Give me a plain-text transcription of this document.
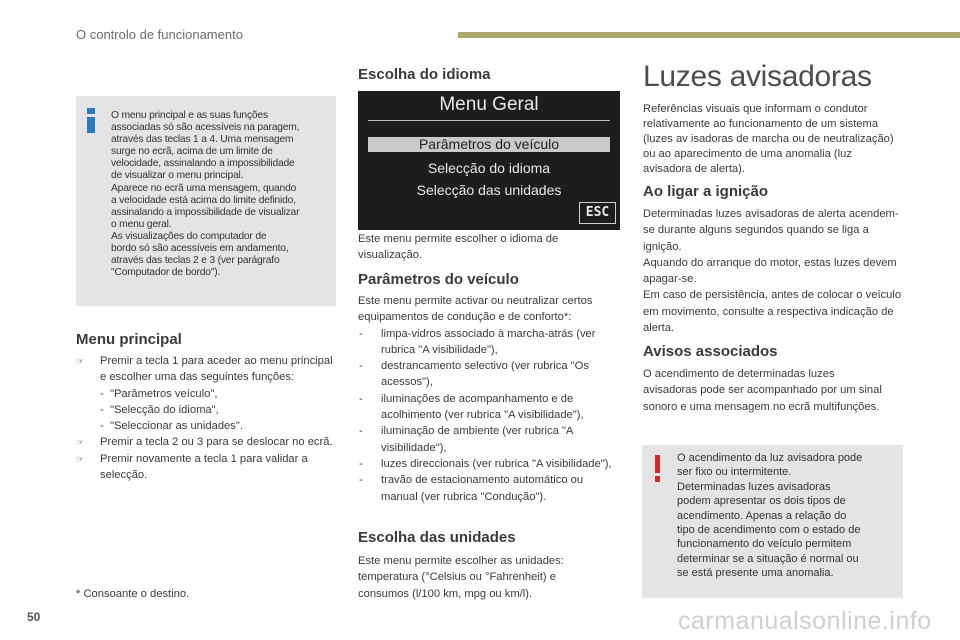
O controlo de funcionamento

O menu principal e as suas funções
associadas só são acessíveis na paragem,
através das teclas 1 a 4. Uma mensagem
surge no ecrã, acima de um limite de
velocidade, assinalando a impossibilidade
de visualizar o menu principal.
Aparece no ecrã uma mensagem, quando
a velocidade está acima do limite definido,
assinalando a impossibilidade de visualizar
o menu geral.
As visualizações do computador de
bordo só são acessíveis em andamento,
através das teclas 2 e 3 (ver parágrafo
"Computador de bordo").

Menu principal
☞ Premir a tecla 1 para aceder ao menu principal e escolher uma das seguintes funções:
- "Parâmetros veículo",
- "Selecção do idioma",
- "Seleccionar as unidades".
☞ Premir a tecla 2 ou 3 para se deslocar no ecrã.
☞ Premir novamente a tecla 1 para validar a selecção.
* Consoante o destino.
50
Escolha do idioma
Menu Geral
Parâmetros do veículo
Selecção do idioma
Selecção das unidades
ESC
Este menu permite escolher o idioma de visualização.
Parâmetros do veículo

Este menu permite activar ou neutralizar certos equipamentos de condução e de conforto*:

- limpa-vidros associado à marcha-atrás (ver rubrica "A visibilidade"),
- destrancamento selectivo (ver rubrica "Os acessos"),
- iluminações de acompanhamento e de acolhimento (ver rubrica "A visibilidade"),
- iluminação de ambiente (ver rubrica "A visibilidade"),
- luzes direccionais (ver rubrica "A visibilidade"),
- travão de estacionamento automático ou manual (ver rubrica "Condução").
Escolha das unidades
Este menu permite escolher as unidades: temperatura (°Celsius ou °Fahrenheit) e consumos (l/100 km, mpg ou km/l).
Luzes avisadoras
Referências visuais que informam o condutor relativamente ao funcionamento de um sistema (luzes av isadoras de marcha ou de neutralização) ou ao aparecimento de uma anomalia (luz avisadora de alerta).
Ao ligar a ignição

Determinadas luzes avisadoras de alerta acendem-se durante alguns segundos quando se liga a ignição.

Aquando do arranque do motor, estas luzes devem apagar-se.

Em caso de persistência, antes de colocar o veículo em movimento, consulte a respectiva indicação de alerta.

Avisos associados
O acendimento de determinadas luzes avisadoras pode ser acompanhado por um sinal sonoro e uma mensagem no ecrã multifunções.
O acendimento da luz avisadora pode
ser fixo ou intermitente.
Determinadas luzes avisadoras
podem apresentar os dois tipos de
acendimento. Apenas a relação do
tipo de acendimento com o estado de
funcionamento do veículo permitem
determinar se a situação é normal ou
se está presente uma anomalia.
carmanualsonline.info
